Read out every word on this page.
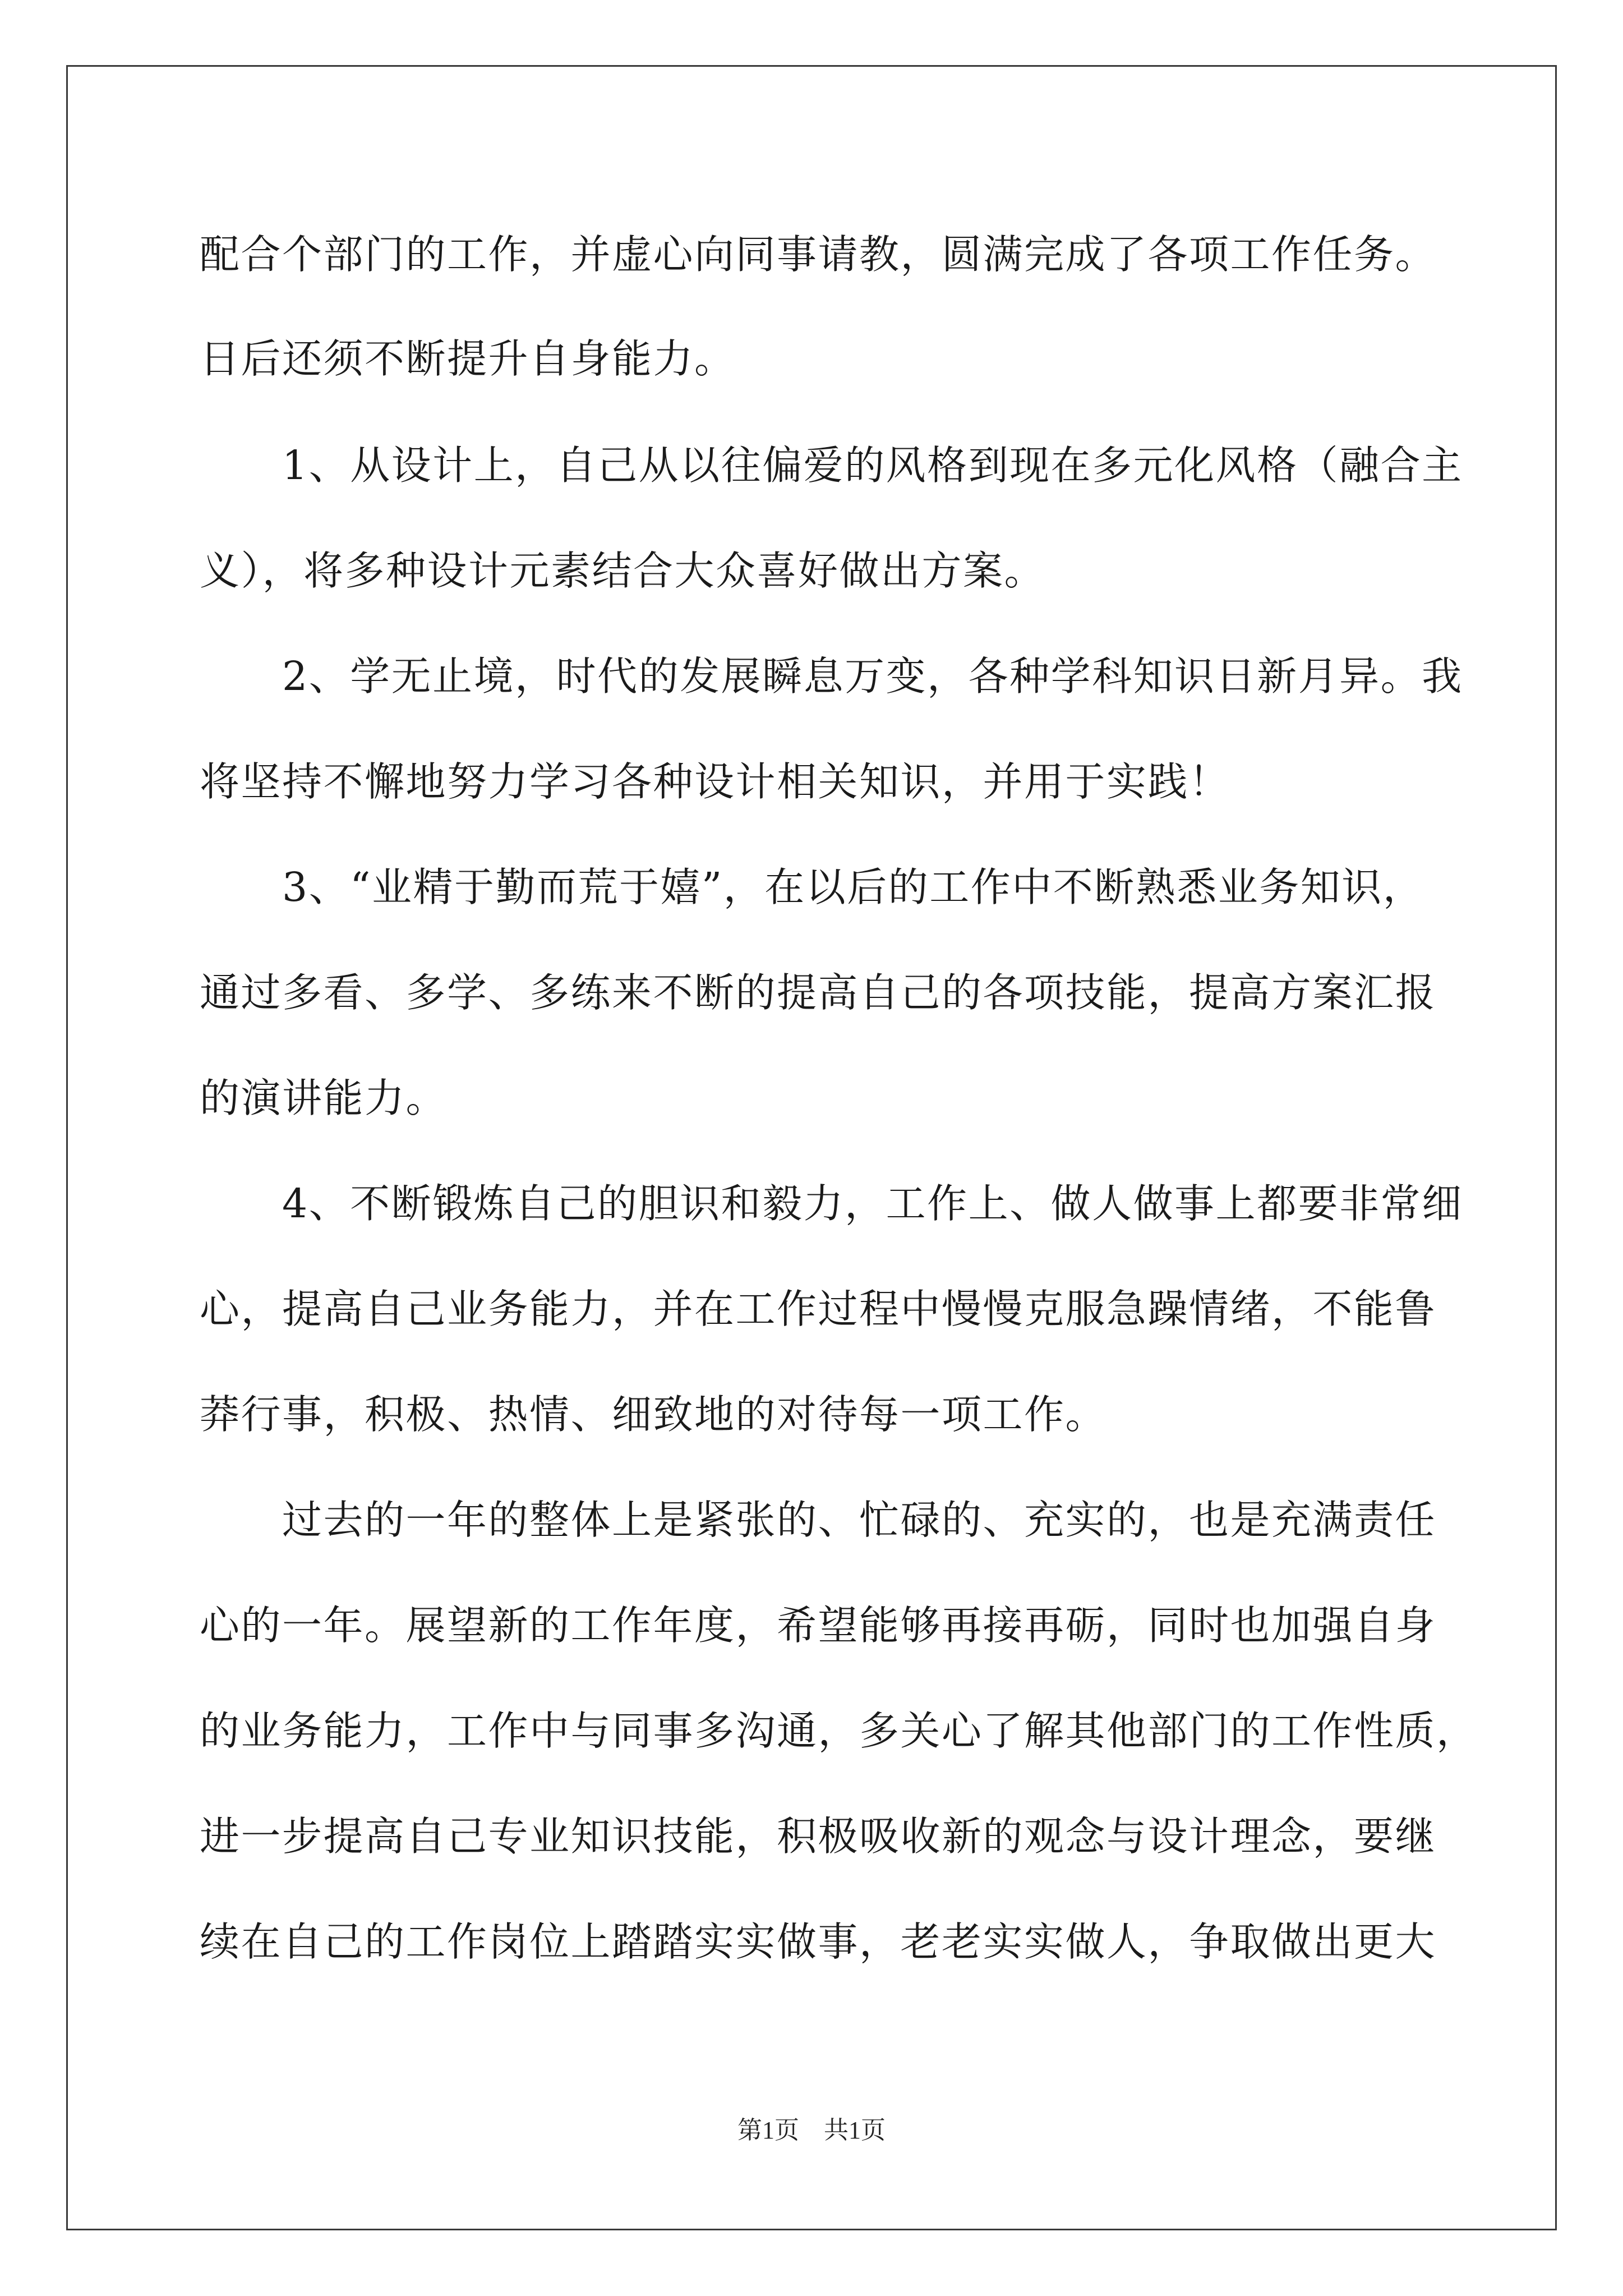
配合个部门的工作，并虚心向同事请教，圆满完成了各项工作任务。
日后还须不断提升自身能力。
　　1、从设计上，自己从以往偏爱的风格到现在多元化风格（融合主
义），将多种设计元素结合大众喜好做出方案。
　　2、学无止境，时代的发展瞬息万变，各种学科知识日新月异。我
将坚持不懈地努力学习各种设计相关知识，并用于实践！
　　3、“业精于勤而荒于嬉”，在以后的工作中不断熟悉业务知识，
通过多看、多学、多练来不断的提高自己的各项技能，提高方案汇报
的演讲能力。
　　4、不断锻炼自己的胆识和毅力，工作上、做人做事上都要非常细
心，提高自己业务能力，并在工作过程中慢慢克服急躁情绪，不能鲁
莽行事，积极、热情、细致地的对待每一项工作。
　　过去的一年的整体上是紧张的、忙碌的、充实的，也是充满责任
心的一年。展望新的工作年度，希望能够再接再砺，同时也加强自身
的业务能力，工作中与同事多沟通，多关心了解其他部门的工作性质，
进一步提高自己专业知识技能，积极吸收新的观念与设计理念，要继
续在自己的工作岗位上踏踏实实做事，老老实实做人，争取做出更大
第1页　共1页
